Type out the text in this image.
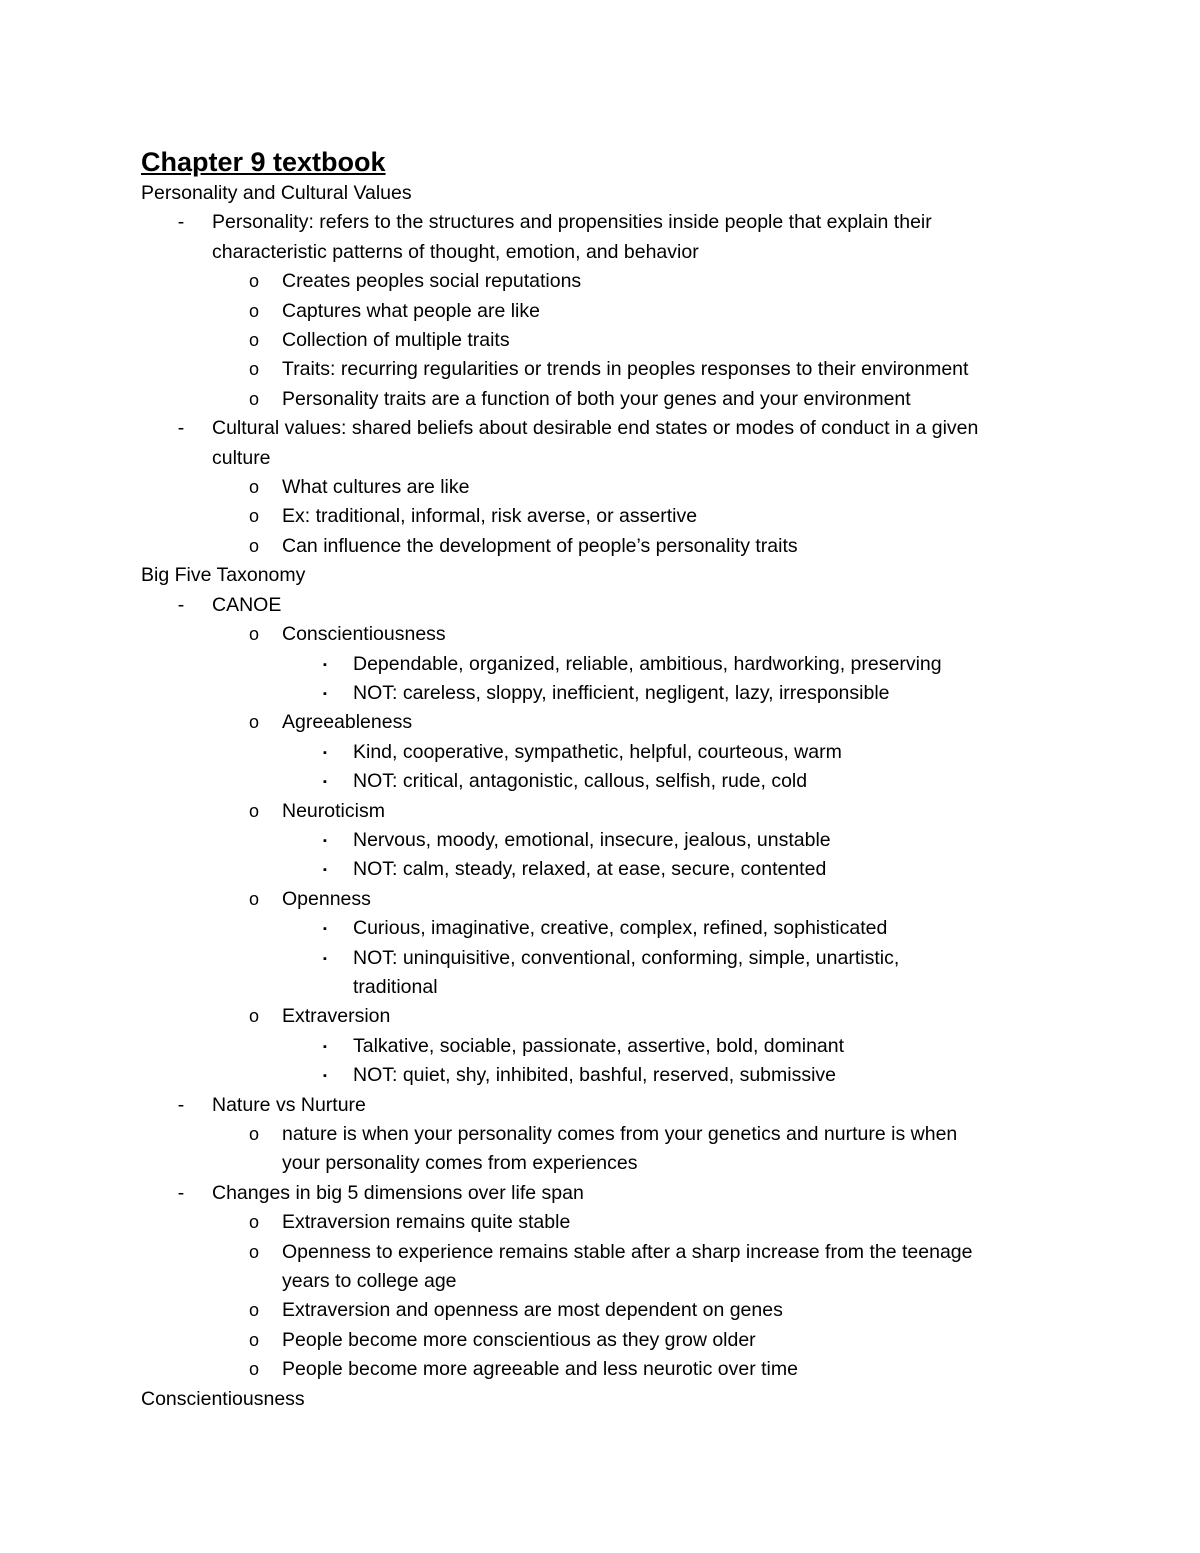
Chapter 9 textbook
Personality and Cultural Values
- Personality: refers to the structures and propensities inside people that explain their
characteristic patterns of thought, emotion, and behavior
o Creates peoples social reputations
o Captures what people are like
o Collection of multiple traits
o Traits: recurring regularities or trends in peoples responses to their environment
o Personality traits are a function of both your genes and your environment
- Cultural values: shared beliefs about desirable end states or modes of conduct in a given
culture
o What cultures are like
o Ex: traditional, informal, risk averse, or assertive
o Can influence the development of people’s personality traits
Big Five Taxonomy
- CANOE
o Conscientiousness
▪	Dependable, organized, reliable, ambitious, hardworking, preserving
▪	NOT: careless, sloppy, inefficient, negligent, lazy, irresponsible
o Agreeableness
▪	Kind, cooperative, sympathetic, helpful, courteous, warm
▪	NOT: critical, antagonistic, callous, selfish, rude, cold
o Neuroticism
▪	Nervous, moody, emotional, insecure, jealous, unstable
▪	NOT: calm, steady, relaxed, at ease, secure, contented
o Openness
▪	Curious, imaginative, creative, complex, refined, sophisticated
▪	NOT: uninquisitive, conventional, conforming, simple, unartistic,
traditional
o Extraversion
▪	Talkative, sociable, passionate, assertive, bold, dominant
▪	NOT: quiet, shy, inhibited, bashful, reserved, submissive
- Nature vs Nurture
o nature is when your personality comes from your genetics and nurture is when
your personality comes from experiences
- Changes in big 5 dimensions over life span
o Extraversion remains quite stable
o Openness to experience remains stable after a sharp increase from the teenage
years to college age
o Extraversion and openness are most dependent on genes
o People become more conscientious as they grow older
o People become more agreeable and less neurotic over time
Conscientiousness
